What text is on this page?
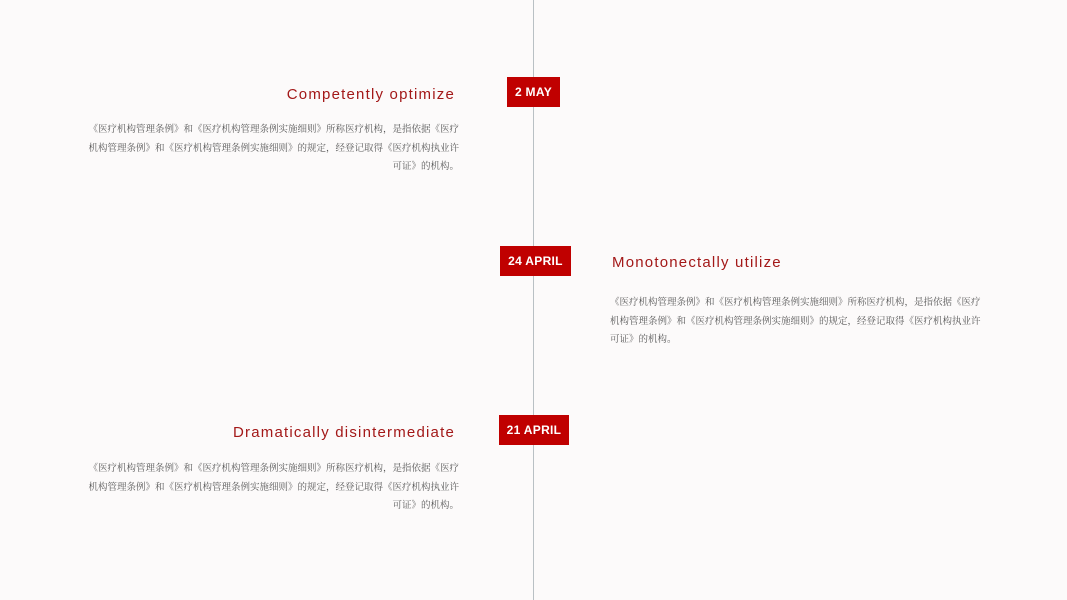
2 MAY
Competently optimize
《医疗机构管理条例》和《医疗机构管理条例实施细则》所称医疗机构，是指依据《医疗机构管理条例》和《医疗机构管理条例实施细则》的规定，经登记取得《医疗机构执业许可证》的机构。
24 APRIL	Monotonectally utilize
《医疗机构管理条例》和《医疗机构管理条例实施细则》所称医疗机构，是指依据《医疗机构管理条例》和《医疗机构管理条例实施细则》的规定，经登记取得《医疗机构执业许可证》的机构。
21 APRIL
Dramatically disintermediate
《医疗机构管理条例》和《医疗机构管理条例实施细则》所称医疗机构，是指依据《医疗机构管理条例》和《医疗机构管理条例实施细则》的规定，经登记取得《医疗机构执业许可证》的机构。
